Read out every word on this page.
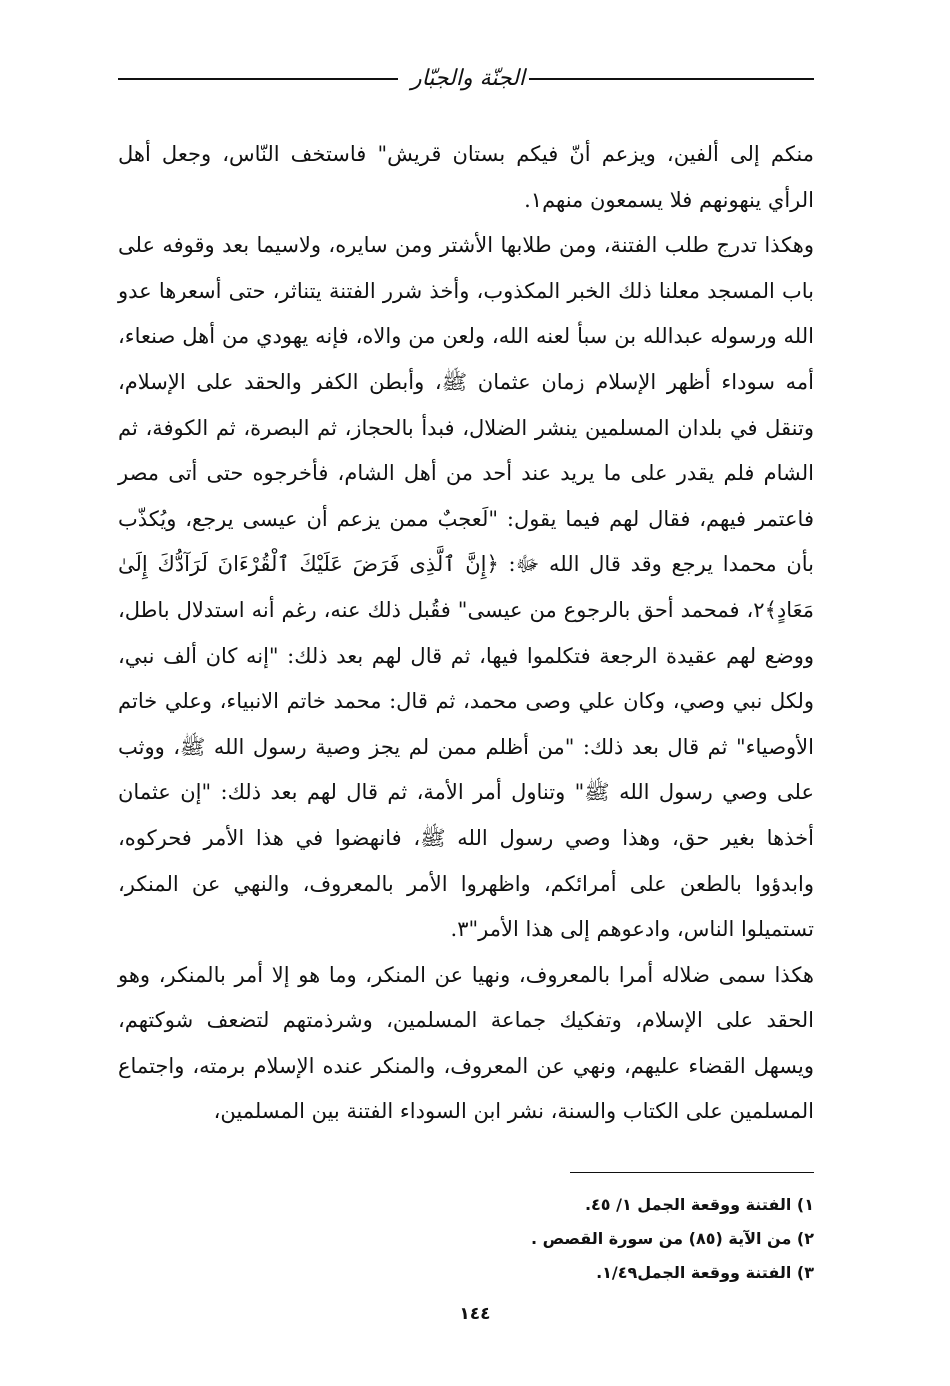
الجنّة والجبّار

منكم إلى ألفين، ويزعم أنّ فيكم بستان قريش" فاستخف النّاس، وجعل أهل الرأي ينهونهم فلا يسمعون منهم١.

وهكذا تدرج طلب الفتنة، ومن طلابها الأشتر ومن سايره، ولاسيما بعد وقوفه على باب المسجد معلنا ذلك الخبر المكذوب، وأخذ شرر الفتنة يتناثر، حتى أسعرها عدو الله ورسوله عبدالله بن سبأ لعنه الله، ولعن من والاه، فإنه يهودي من أهل صنعاء، أمه سوداء أظهر الإسلام زمان عثمان ﷺ، وأبطن الكفر والحقد على الإسلام، وتنقل في بلدان المسلمين ينشر الضلال، فبدأ بالحجاز، ثم البصرة، ثم الكوفة، ثم الشام فلم يقدر على ما يريد عند أحد من أهل الشام، فأخرجوه حتى أتى مصر فاعتمر فيهم، فقال لهم فيما يقول: "لَعجبٌ ممن يزعم أن عيسى يرجع، ويُكذّب بأن محمدا يرجع وقد قال الله ﷻ: ﴿إِنَّ ٱلَّذِى فَرَضَ عَلَيْكَ ٱلْقُرْءَانَ لَرَآدُّكَ إِلَىٰ مَعَادٍ﴾٢، فمحمد أحق بالرجوع من عيسى" فقُبل ذلك عنه، رغم أنه استدلال باطل، ووضع لهم عقيدة الرجعة فتكلموا فيها، ثم قال لهم بعد ذلك: "إنه كان ألف نبي، ولكل نبي وصي، وكان علي وصى محمد، ثم قال: محمد خاتم الانبياء، وعلي خاتم الأوصياء" ثم قال بعد ذلك: "من أظلم ممن لم يجز وصية رسول الله ﷺ، ووثب على وصي رسول الله ﷺ" وتناول أمر الأمة، ثم قال لهم بعد ذلك: "إن عثمان أخذها بغير حق، وهذا وصي رسول الله ﷺ، فانهضوا في هذا الأمر فحركوه، وابدؤوا بالطعن على أمرائكم، واظهروا الأمر بالمعروف، والنهي عن المنكر، تستميلوا الناس، وادعوهم إلى هذا الأمر"٣.

هكذا سمى ضلاله أمرا بالمعروف، ونهيا عن المنكر، وما هو إلا أمر بالمنكر، وهو الحقد على الإسلام، وتفكيك جماعة المسلمين، وشرذمتهم لتضعف شوكتهم، ويسهل القضاء عليهم، ونهي عن المعروف، والمنكر عنده الإسلام برمته، واجتماع المسلمين على الكتاب والسنة، نشر ابن السوداء الفتنة بين المسلمين،

١) الفتنة ووقعة الجمل ١/ ٤٥.

٢) من الآية (٨٥) من سورة القصص .

٣) الفتنة ووقعة الجمل١/٤٩.

١٤٤
